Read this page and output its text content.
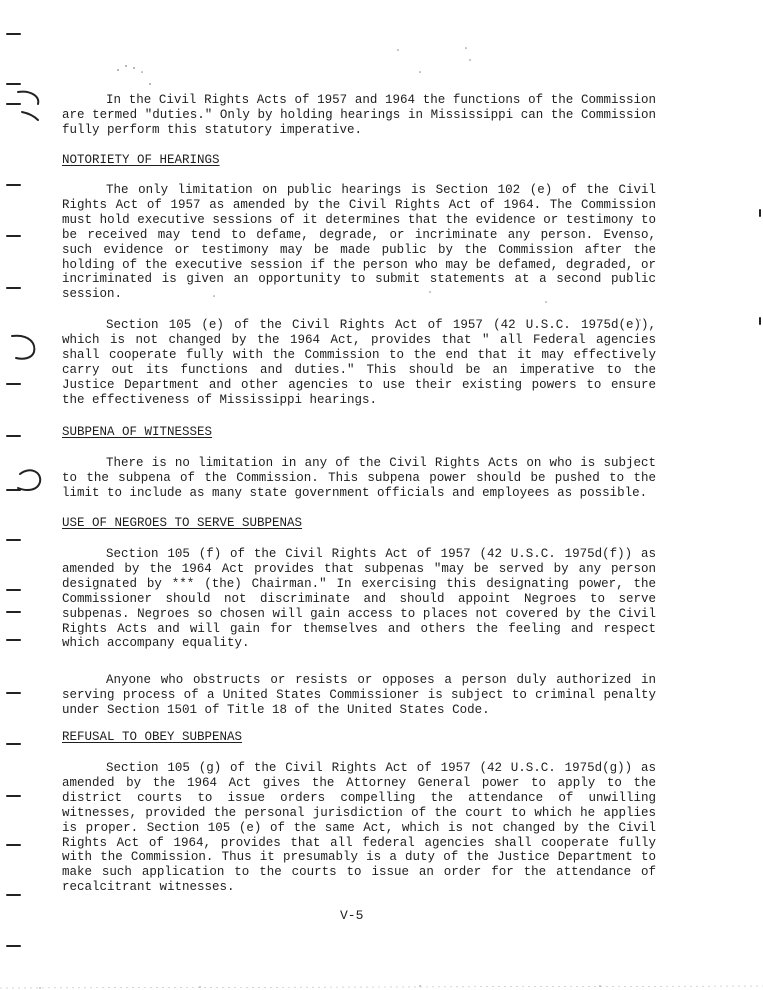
In the Civil Rights Acts of 1957 and 1964 the functions of the Commission are termed "duties." Only by holding hearings in Mississippi can the Commission fully perform this statutory imperative.

NOTORIETY OF HEARINGS

The only limitation on public hearings is Section 102 (e) of the Civil Rights Act of 1957 as amended by the Civil Rights Act of 1964. The Commission must hold executive sessions of it determines that the evidence or testimony to be received may tend to defame, degrade, or incriminate any person. Evenso, such evidence or testimony may be made public by the Commission after the holding of the executive session if the person who may be defamed, degraded, or incriminated is given an opportunity to submit statements at a second public session.

Section 105 (e) of the Civil Rights Act of 1957 (42 U.S.C. 1975d(e)), which is not changed by the 1964 Act, provides that " all Federal agencies shall cooperate fully with the Commission to the end that it may effectively carry out its functions and duties." This should be an imperative to the Justice Department and other agencies to use their existing powers to ensure the effectiveness of Mississippi hearings.

SUBPENA OF WITNESSES

There is no limitation in any of the Civil Rights Acts on who is subject to the subpena of the Commission. This subpena power should be pushed to the limit to include as many state government officials and employees as possible.

USE OF NEGROES TO SERVE SUBPENAS

Section 105 (f) of the Civil Rights Act of 1957 (42 U.S.C. 1975d(f)) as amended by the 1964 Act provides that subpenas "may be served by any person designated by *** (the) Chairman." In exercising this designating power, the Commissioner should not discriminate and should appoint Negroes to serve subpenas. Negroes so chosen will gain access to places not covered by the Civil Rights Acts and will gain for themselves and others the feeling and respect which accompany equality.

Anyone who obstructs or resists or opposes a person duly authorized in serving process of a United States Commissioner is subject to criminal penalty under Section 1501 of Title 18 of the United States Code.

REFUSAL TO OBEY SUBPENAS

Section 105 (g) of the Civil Rights Act of 1957 (42 U.S.C. 1975d(g)) as amended by the 1964 Act gives the Attorney General power to apply to the district courts to issue orders compelling the attendance of unwilling witnesses, provided the personal jurisdiction of the court to which he applies is proper. Section 105 (e) of the same Act, which is not changed by the Civil Rights Act of 1964, provides that all federal agencies shall cooperate fully with the Commission. Thus it presumably is a duty of the Justice Department to make such application to the courts to issue an order for the attendance of recalcitrant witnesses.

V-5
